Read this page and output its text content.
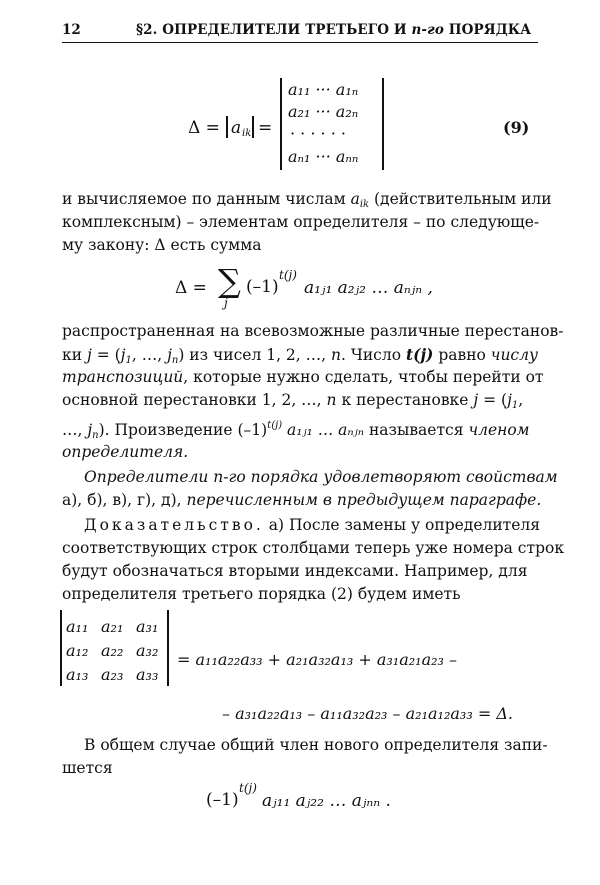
12	§2. ОПРЕДЕЛИТЕЛИ ТРЕТЬЕГО И n-го ПОРЯДКА
Δ = a ik =
a₁₁ ··· a₁ₙ
a₂₁ ··· a₂ₙ
· · · · · ·
aₙ₁ ··· aₙₙ
(9)
и вычисляемое по данным числам $a_{ik}$ (действительным или
комплексным) – элементам определителя – по следующе-
му закону: Δ есть сумма
Δ = ∑
j
(–1)
t(j)
a₁ⱼ₁ a₂ⱼ₂ … aₙⱼₙ ,
распространенная на всевозможные различные перестанов-
ки $j = (j_1$, …, $j_n$) из чисел 1, 2, …, n. Число t(j) равно числу
транспозиций, которые нужно сделать, чтобы перейти от
основной перестановки 1, 2, …, n к перестановке $j = (j_1$,
…, $j_n$). Произведение $(-1)^{t(j)}$ a₁ⱼ₁ … aₙⱼₙ называется членом
определителя.
Определители n-го порядка удовлетворяют свойствам
а), б), в), г), д), перечисленным в предыдущем параграфе.
Доказательство. а) После замены у определителя
соответствующих строк столбцами теперь уже номера строк
будут обозначаться вторыми индексами. Например, для
определителя третьего порядка (2) будем иметь
a₁₁ a₂₁ a₃₁
a₁₂ a₂₂ a₃₂
a₁₃ a₂₃ a₃₃
= a₁₁a₂₂a₃₃ + a₂₁a₃₂a₁₃ + a₃₁a₂₁a₂₃ –
– a₃₁a₂₂a₁₃ – a₁₁a₃₂a₂₃ – a₂₁a₁₂a₃₃ = Δ.
В общем случае общий член нового определителя запи-
шется
(–1)
t(j)
aⱼ₁₁ aⱼ₂₂ … aⱼₙₙ .
